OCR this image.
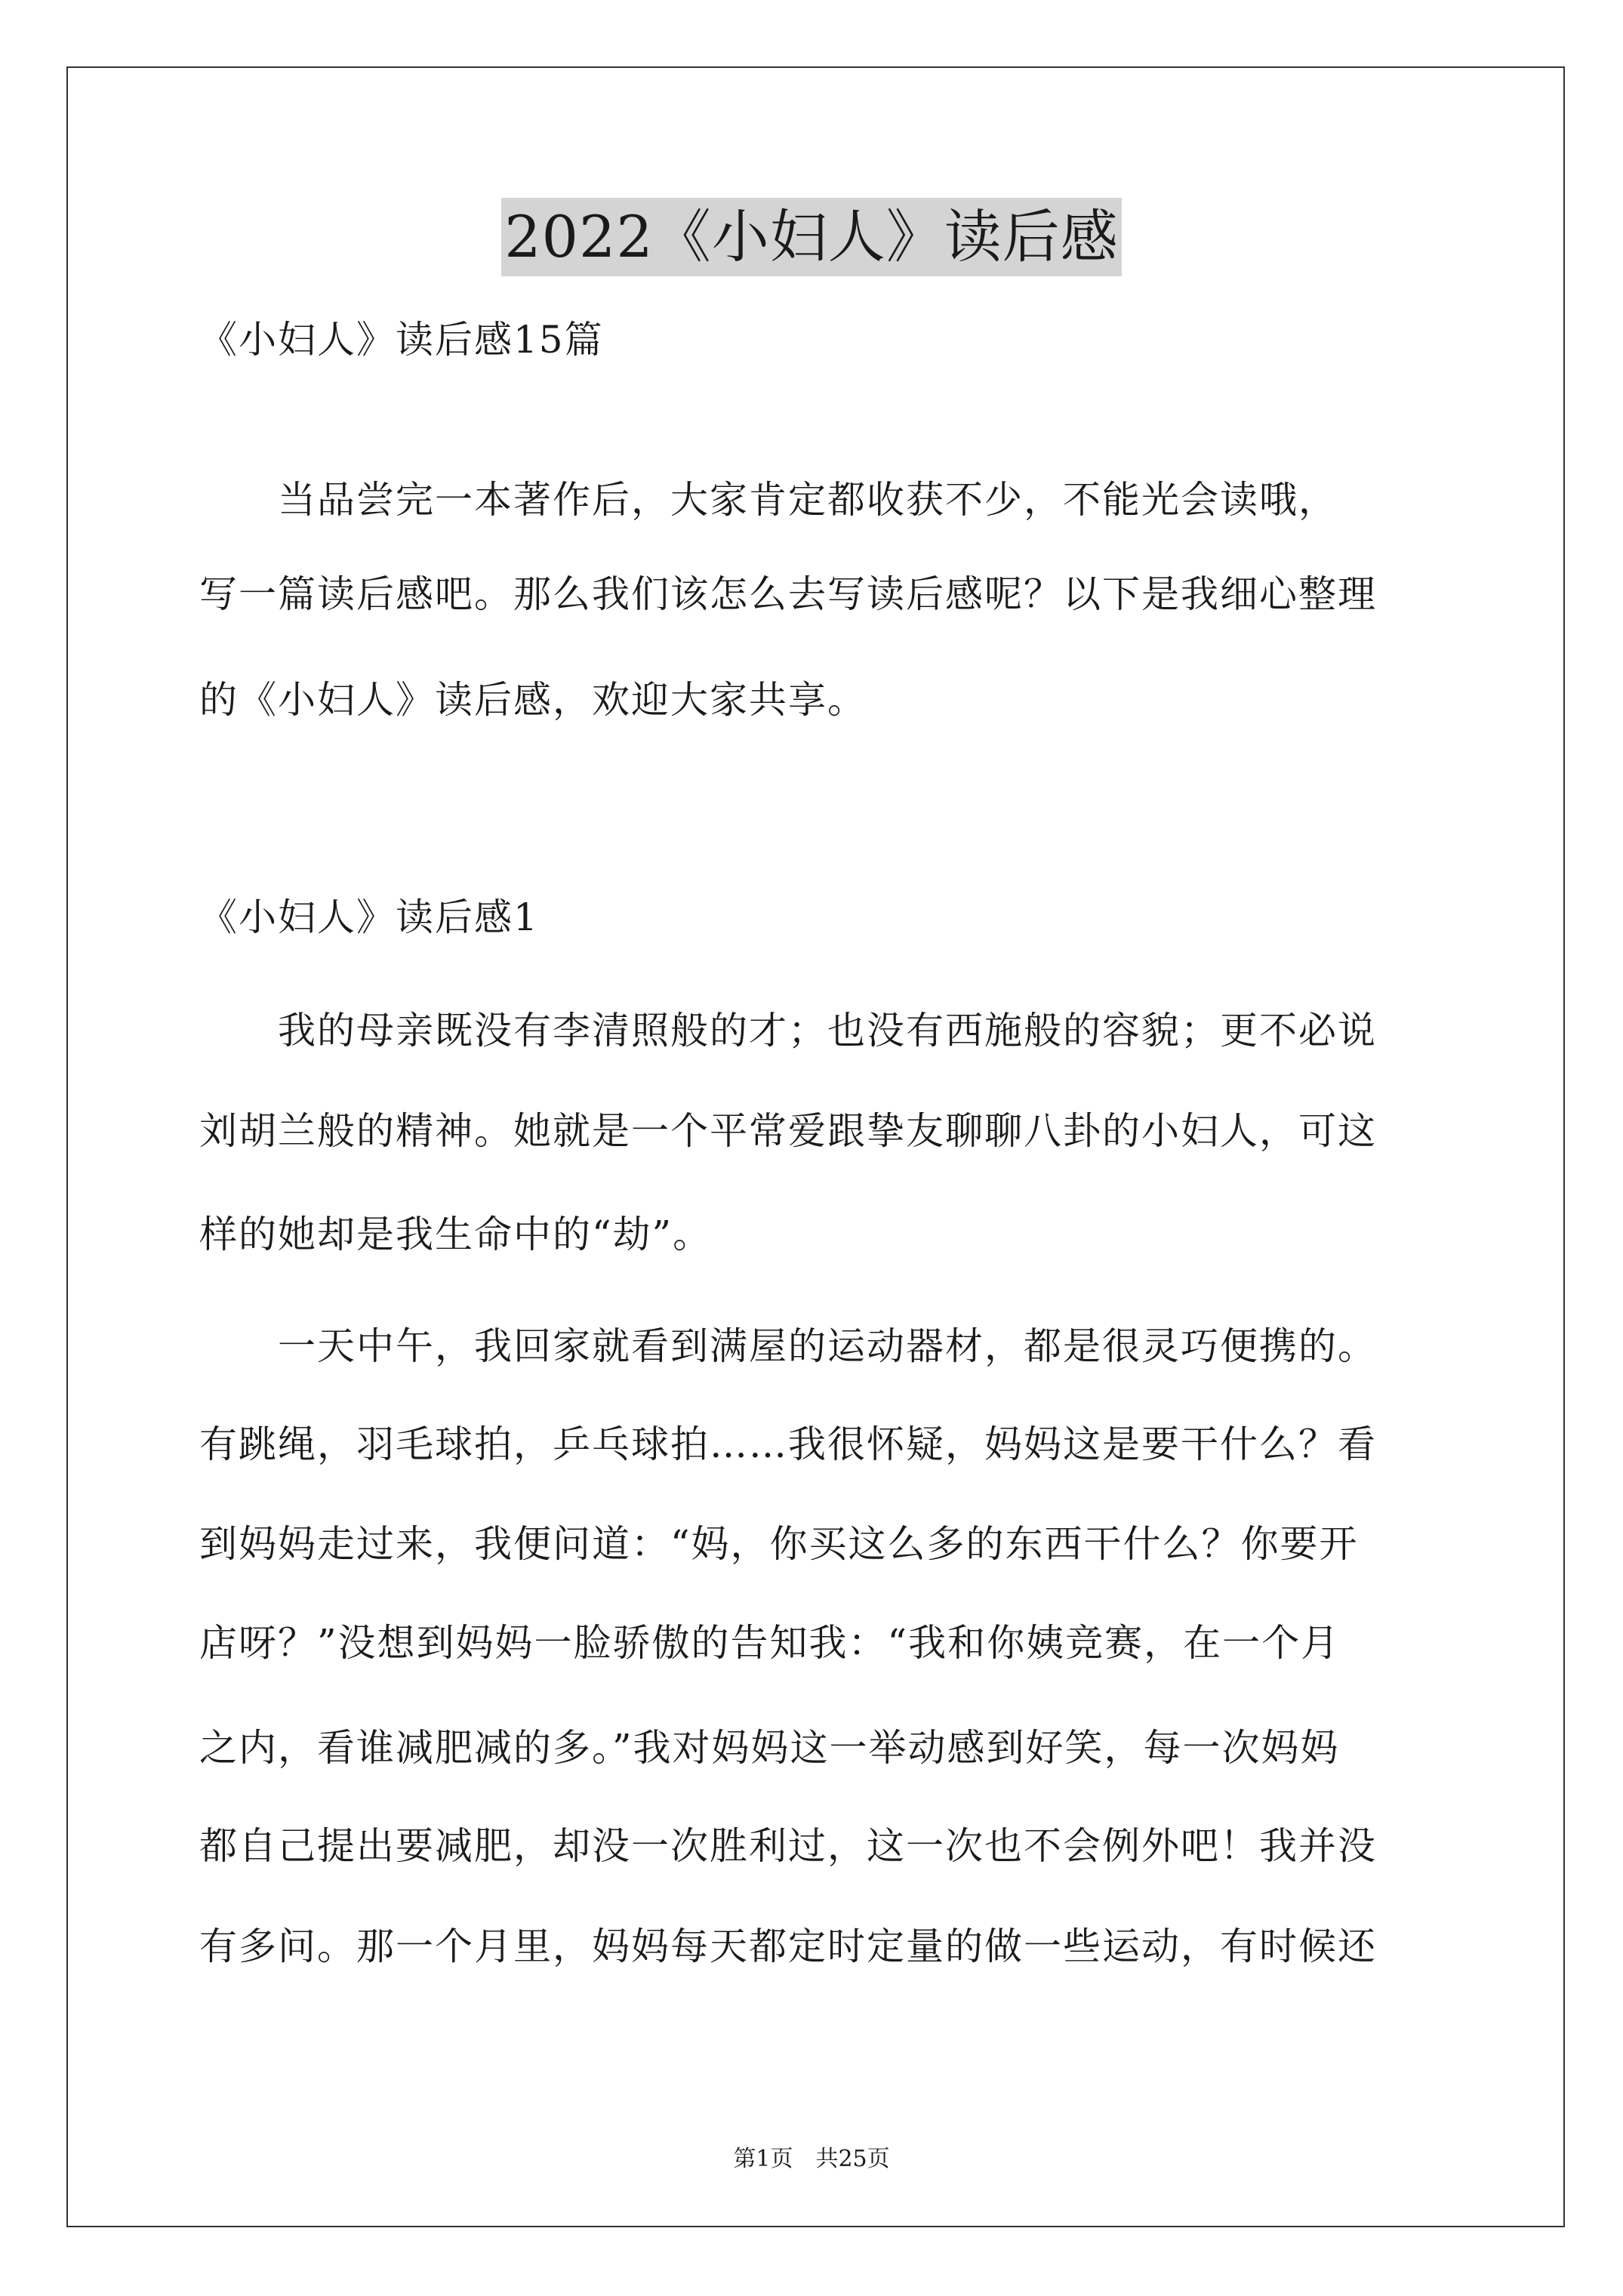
2022《小妇人》读后感
《小妇人》读后感15篇
　　当品尝完一本著作后，大家肯定都收获不少，不能光会读哦，
写一篇读后感吧。那么我们该怎么去写读后感呢？以下是我细心整理
的《小妇人》读后感，欢迎大家共享。
《小妇人》读后感1
　　我的母亲既没有李清照般的才；也没有西施般的容貌；更不必说
刘胡兰般的精神。她就是一个平常爱跟挚友聊聊八卦的小妇人，可这
样的她却是我生命中的“劫”。
　　一天中午，我回家就看到满屋的运动器材，都是很灵巧便携的。
有跳绳，羽毛球拍，乒乓球拍……我很怀疑，妈妈这是要干什么？看
到妈妈走过来，我便问道：“妈，你买这么多的东西干什么？你要开
店呀？”没想到妈妈一脸骄傲的告知我：“我和你姨竞赛，在一个月
之内，看谁减肥减的多。”我对妈妈这一举动感到好笑，每一次妈妈
都自己提出要减肥，却没一次胜利过，这一次也不会例外吧！我并没
有多问。那一个月里，妈妈每天都定时定量的做一些运动，有时候还
第1页　共25页
